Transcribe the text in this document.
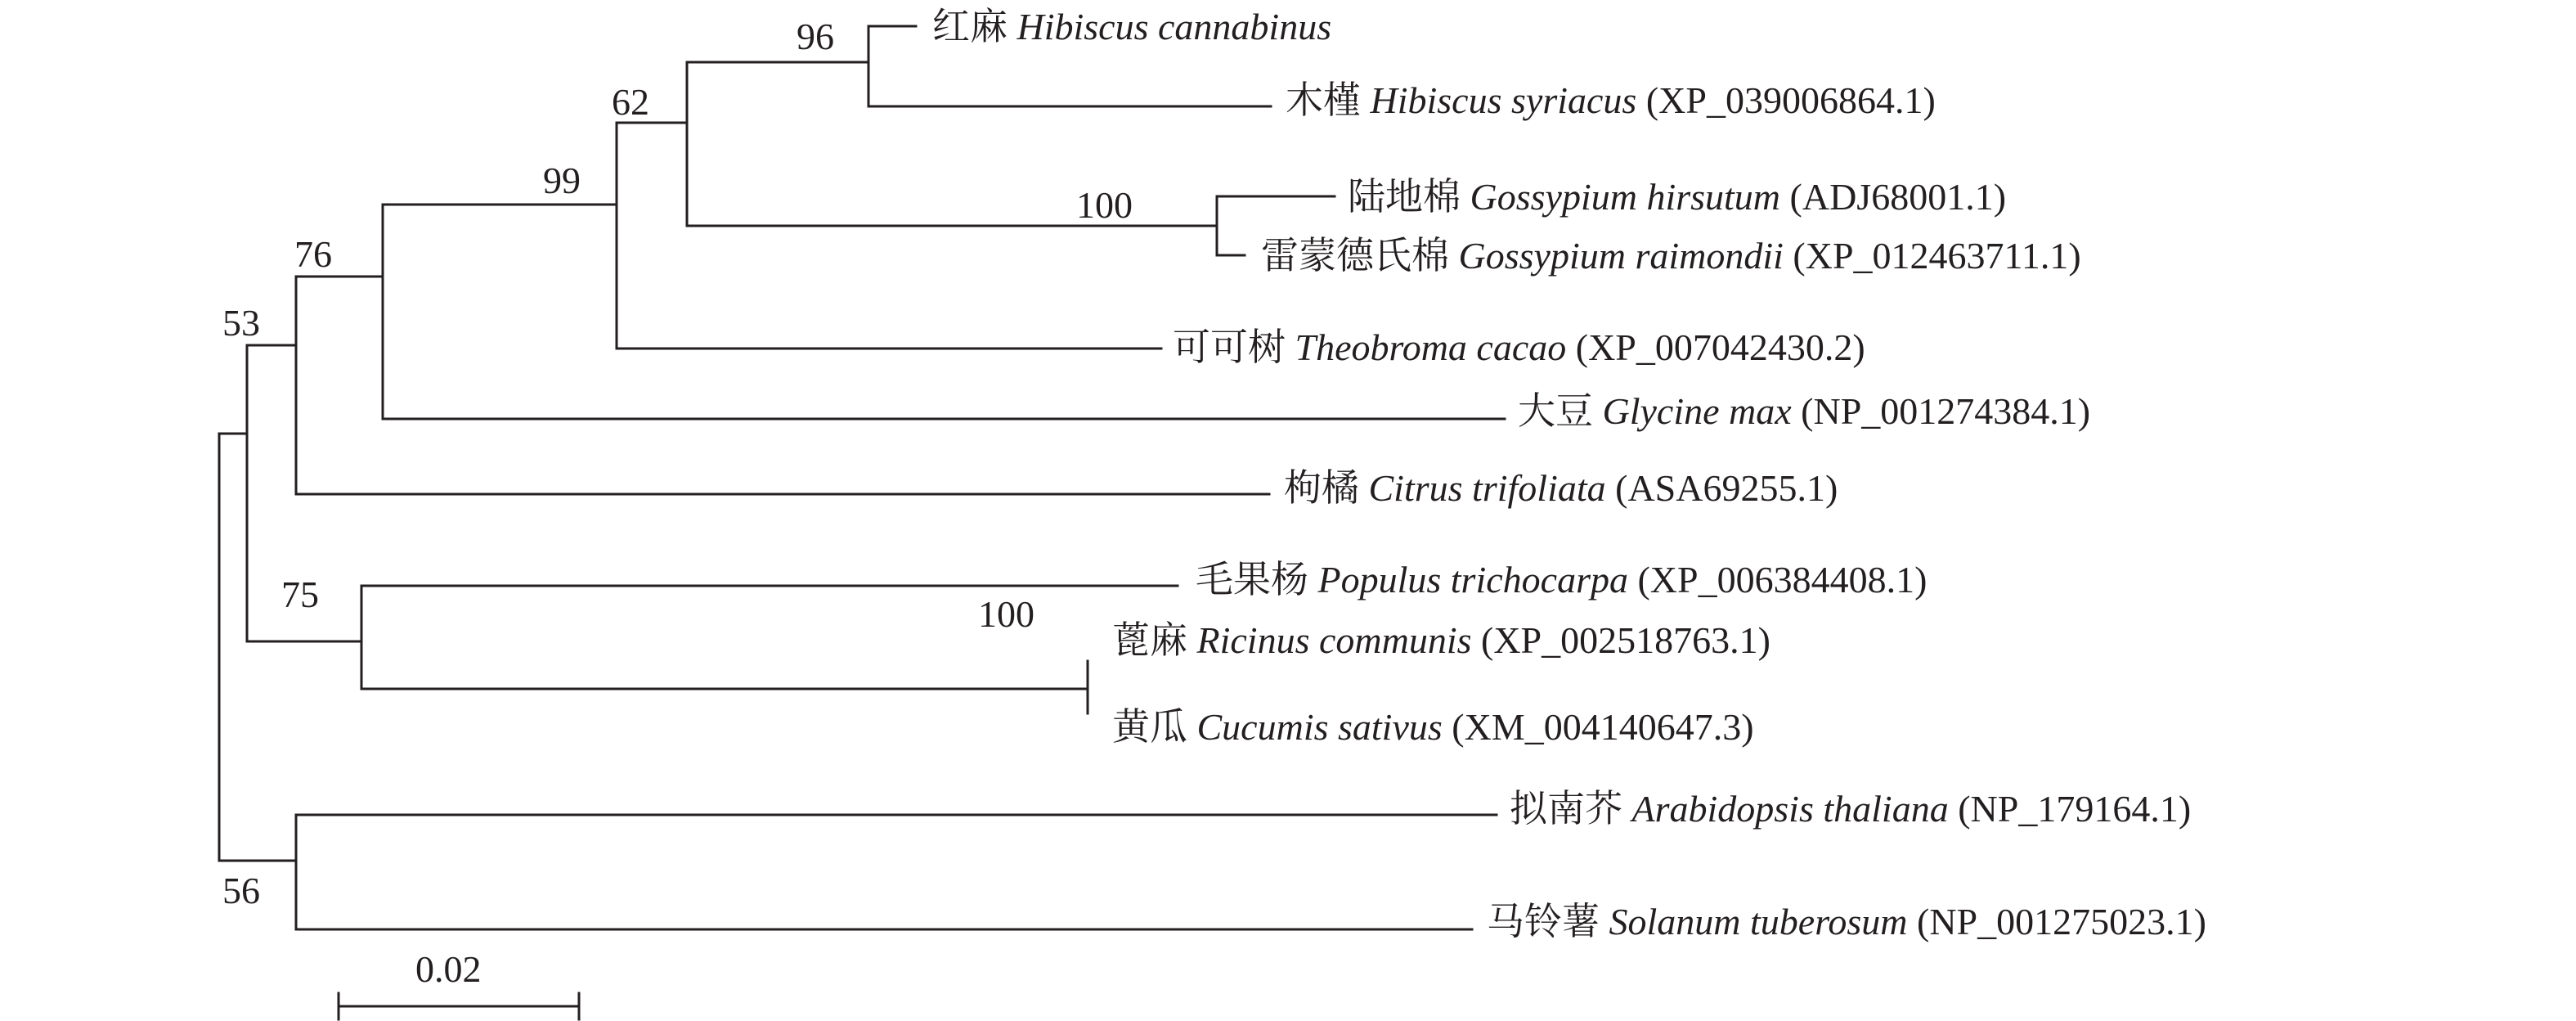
96
62
100
99
76
53
75	100
56
红麻 Hibiscus cannabinus
木槿 Hibiscus syriacus (XP_039006864.1)
陆地棉 Gossypium hirsutum (ADJ68001.1)
雷蒙德氏棉 Gossypium raimondii (XP_012463711.1)
可可树 Theobroma cacao (XP_007042430.2)
大豆 Glycine max (NP_001274384.1)
枸橘 Citrus trifoliata (ASA69255.1)
毛果杨 Populus trichocarpa (XP_006384408.1)
蓖麻 Ricinus communis (XP_002518763.1)
黄瓜 Cucumis sativus (XM_004140647.3)
拟南芥 Arabidopsis thaliana (NP_179164.1)
马铃薯 Solanum tuberosum (NP_001275023.1)
0.02
